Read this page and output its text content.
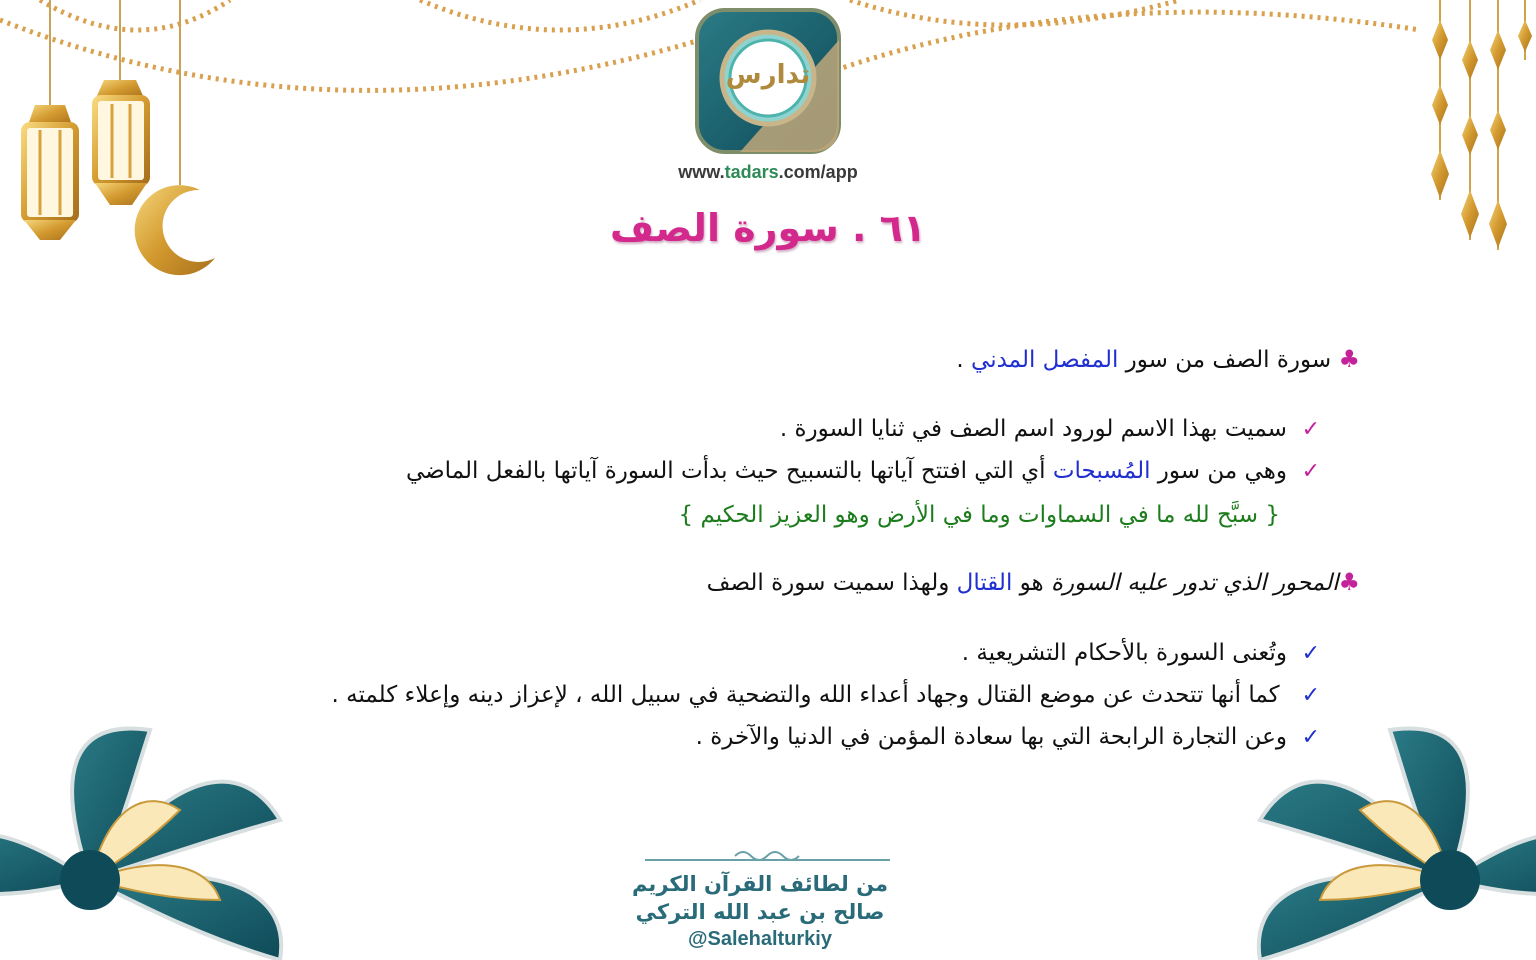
تدارس
www.tadars.com/app
٦١ . سورة الصف
♣ سورة الصف من سور المفصل المدني .
✓  سميت بهذا الاسم لورود اسم الصف في ثنايا السورة .
✓  وهي من سور المُسبحات أي التي افتتح آياتها بالتسبيح حيث بدأت السورة آياتها بالفعل الماضي
{ سبَّح لله ما في السماوات وما في الأرض وهو العزيز الحكيم }
♣المحور الذي تدور عليه السورة هو القتال ولهذا سميت سورة الصف
✓  وتُعنى السورة بالأحكام التشريعية .
✓   كما أنها تتحدث عن موضع القتال وجهاد أعداء الله والتضحية في سبيل الله ، لإعزاز دينه وإعلاء كلمته .
✓  وعن التجارة الرابحة التي بها سعادة المؤمن في الدنيا والآخرة .
من لطائف القرآن الكريم
صالح بن عبد الله التركي
@Salehalturkiy
